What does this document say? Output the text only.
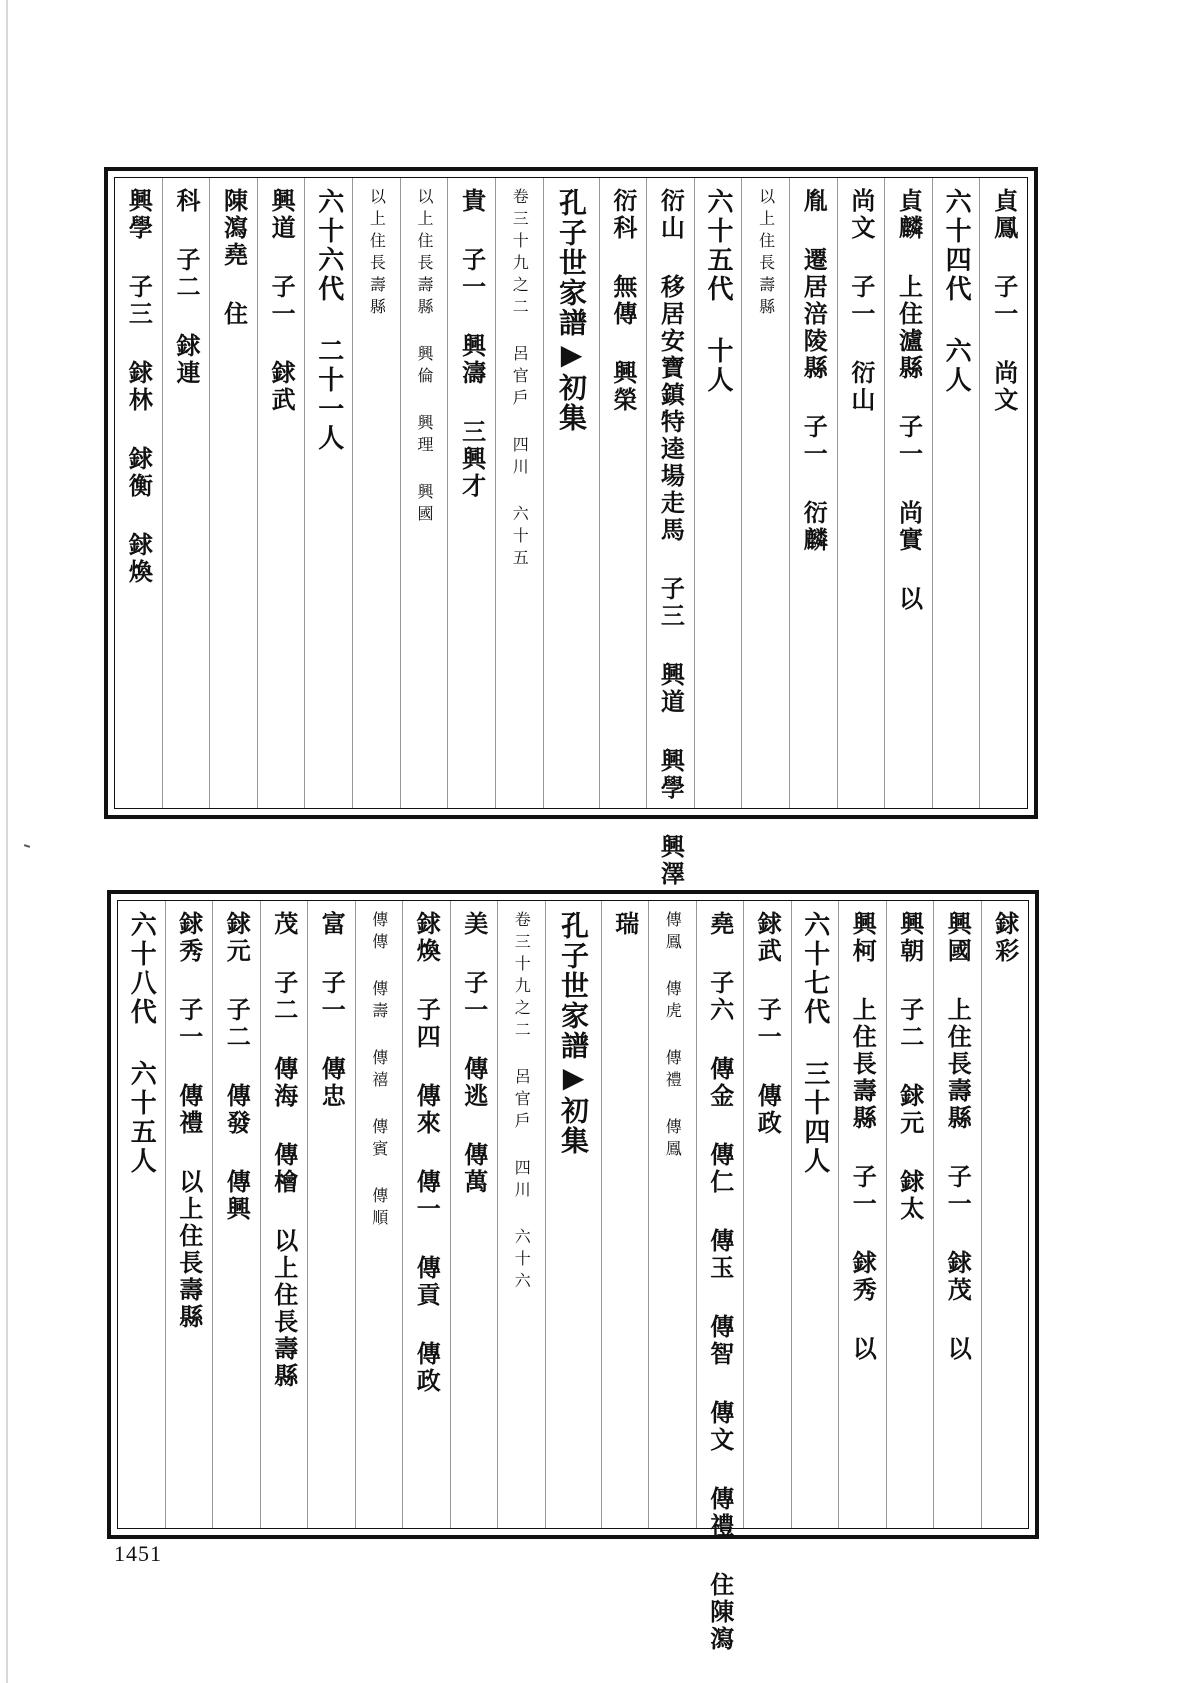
貞鳳 子一 尚文
六十四代 六人
貞麟 上住瀘縣 子一 尚實 以
尚文 子一 衍山
胤 遷居涪陵縣 子一 衍麟
以上住長壽縣
六十五代 十人
衍山 移居安寶鎮特逵場走馬 子三 興道 興學 興澤
衍科 無傳 興榮
孔子世家譜▶初集
卷三十九之二 呂官戶 四川 六十五
貴 子一 興濤 三興才
以上住長壽縣 興倫 興理 興國
以上住長壽縣
六十六代 二十一人
興道 子一 銶武
陳瀉堯 住
科 子二 銶連
興學 子三 銶林 銶衡 銶煥
銶彩
興國 上住長壽縣 子一 銶茂 以
興朝 子二 銶元 銶太
興柯 上住長壽縣 子一 銶秀 以
六十七代 三十四人
銶武 子一 傳政
堯 子六 傳金 傳仁 傳玉 傳智 傳文 傳禮 住陳瀉
傳鳳 傳虎 傳禮 傳鳳
瑞
孔子世家譜▶初集
卷三十九之二 呂官戶 四川 六十六
美 子一 傳逃 傳萬
銶煥 子四 傳來 傳一 傳貢 傳政
傳傳 傳壽 傳禧 傳賓 傳順
富 子一 傳忠
茂 子二 傳海 傳檜 以上住長壽縣
銶元 子二 傳發 傳興
銶秀 子一 傳禮 以上住長壽縣
六十八代 六十五人
1451
